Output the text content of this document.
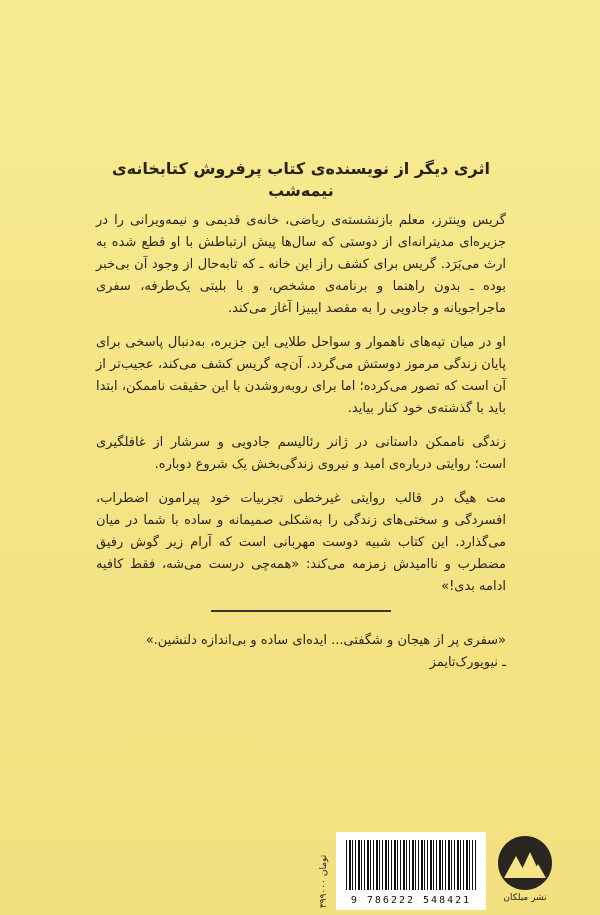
اثری دیگر از نویسنده‌ی کتاب پرفروش کتابخانه‌ی نیمه‌شب

گریس وینترز، معلم بازنشسته‌ی ریاضی، خانه‌ی قدیمی و نیمه‌ویرانی را در جزیره‌ای مدیترانه‌ای از دوستی که سال‌ها پیش ارتباطش با او قطع شده به ارث می‌بَرَد. گریس برای کشف راز این خانه ـ که تابه‌حال از وجود آن بی‌خبر بوده ـ بدون راهنما و برنامه‌ی مشخص، و با بلیتی یک‌طرفه، سفری ماجراجویانه و جادویی را به مقصد ایبیزا آغاز می‌کند.

او در میان تپه‌های ناهموار و سواحل طلایی این جزیره، به‌دنبال پاسخی برای پایان زندگی مرموز دوستش می‌گردد. آن‌چه گریس کشف می‌کند، عجیب‌تر از آن است که تصور می‌کرده؛ اما برای روبه‌روشدن با این حقیقت ناممکن، ابتدا باید با گذشته‌ی خود کنار بیاید.

زندگی ناممکن داستانی در ژانر رئالیسم جادویی و سرشار از غافلگیری است؛ روایتی درباره‌ی امید و نیروی زندگی‌بخش یک شروع دوباره.

مت هیگ در قالب روایتی غیرخطی تجربیات خود پیرامون اضطراب، افسردگی و سختی‌های زندگی را به‌شکلی صمیمانه و ساده با شما در میان می‌گذارد. این کتاب شبیه دوست مهربانی است که آرام زیر گوش رفیق مضطرب و ناامیدش زمزمه می‌کند: «همه‌چی درست می‌شه، فقط کافیه ادامه بدی!»

«سفری پر از هیجان و شگفتی... ایده‌ای ساده و بی‌اندازه دلنشین.»

ـ نیویورک‌تایمز

۳۹۹۰۰۰ تومان
9 786222 548421	نشر میلکان
